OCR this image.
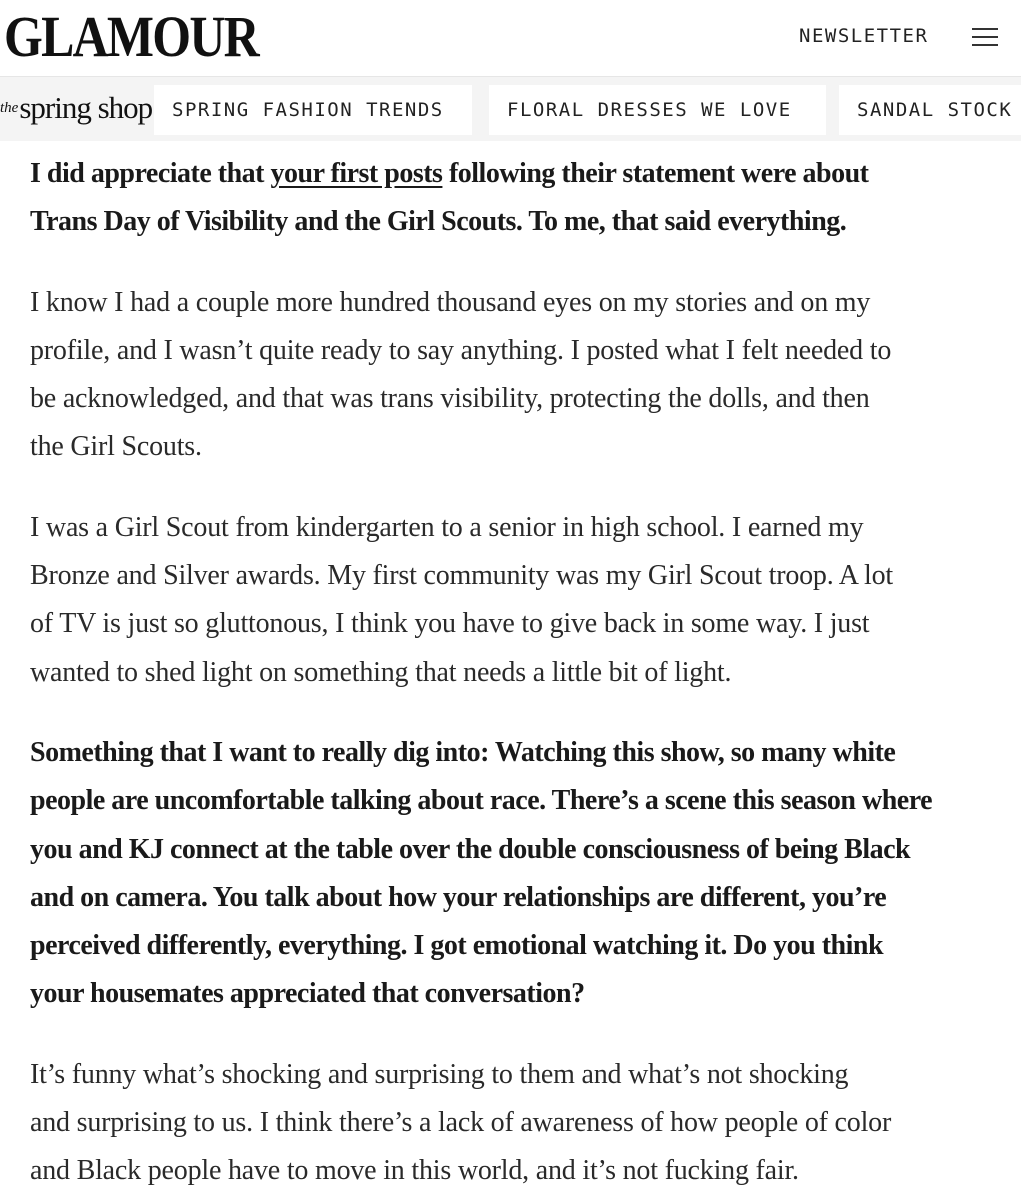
GLAMOUR	NEWSLETTER
thespring shop	SPRING FASHION TRENDS	FLORAL DRESSES WE LOVE	SANDAL STOCK

I did appreciate that your first posts following their statement were about
Trans Day of Visibility and the Girl Scouts. To me, that said everything.

I know I had a couple more hundred thousand eyes on my stories and on my
profile, and I wasn’t quite ready to say anything. I posted what I felt needed to
be acknowledged, and that was trans visibility, protecting the dolls, and then
the Girl Scouts.

I was a Girl Scout from kindergarten to a senior in high school. I earned my
Bronze and Silver awards. My first community was my Girl Scout troop. A lot
of TV is just so gluttonous, I think you have to give back in some way. I just
wanted to shed light on something that needs a little bit of light.

Something that I want to really dig into: Watching this show, so many white
people are uncomfortable talking about race. There’s a scene this season where
you and KJ connect at the table over the double consciousness of being Black
and on camera. You talk about how your relationships are different, you’re
perceived differently, everything. I got emotional watching it. Do you think
your housemates appreciated that conversation?

It’s funny what’s shocking and surprising to them and what’s not shocking
and surprising to us. I think there’s a lack of awareness of how people of color
and Black people have to move in this world, and it’s not fucking fair.
